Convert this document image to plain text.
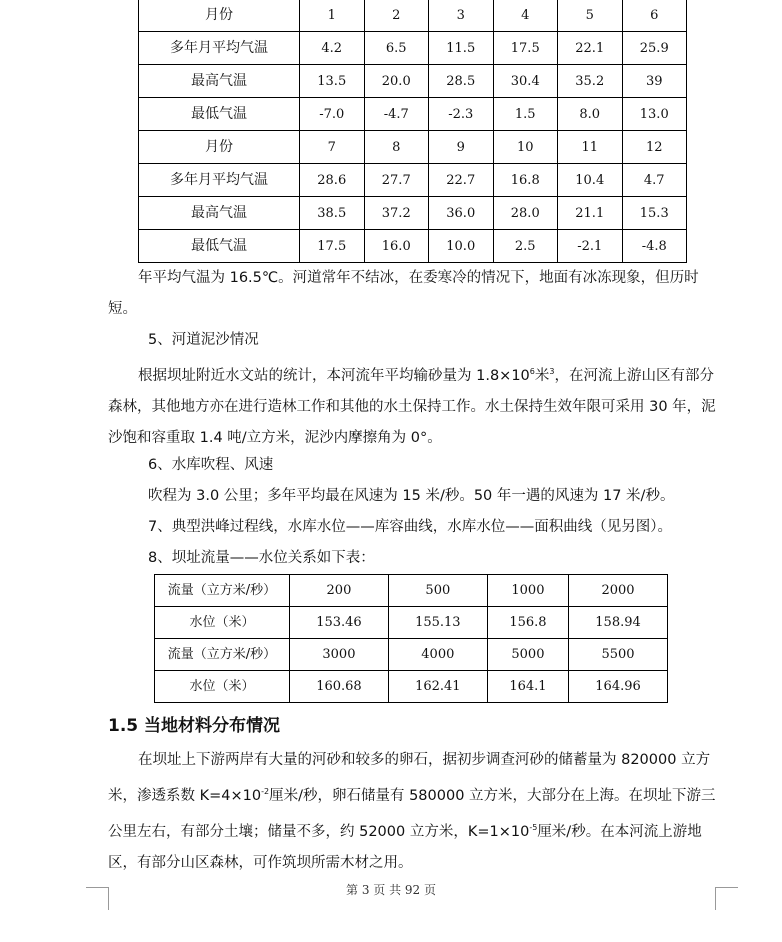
月份	1	2	3	4	5	6
多年月平均气温	4.2	6.5	11.5	17.5	22.1	25.9
最高气温	13.5	20.0	28.5	30.4	35.2	39
最低气温	-7.0	-4.7	-2.3	1.5	8.0	13.0
月份	7	8	9	10	11	12
多年月平均气温	28.6	27.7	22.7	16.8	10.4	4.7
最高气温	38.5	37.2	36.0	28.0	21.1	15.3
最低气温	17.5	16.0	10.0	2.5	-2.1	-4.8

年平均气温为 16.5℃。河道常年不结冰，在委寒冷的情况下，地面有冰冻现象，但历时短。

5、河道泥沙情况

根据坝址附近水文站的统计，本河流年平均输砂量为 $1.8\times 10^6$米$^3$，在河流上游山区有部分森林，其他地方亦在进行造林工作和其他的水土保持工作。水土保持生效年限可采用 30 年，泥沙饱和容重取 1.4 吨/立方米，泥沙内摩擦角为 0°。

6、水库吹程、风速

吹程为 3.0 公里；多年平均最在风速为 15 米/秒。50 年一遇的风速为 17 米/秒。

7、典型洪峰过程线，水库水位——库容曲线，水库水位——面积曲线（见另图）。

8、坝址流量——水位关系如下表：

流量（立方米/秒）	200	500	1000	2000
水位（米）	153.46	155.13	156.8	158.94
流量（立方米/秒）	3000	4000	5000	5500
水位（米）	160.68	162.41	164.1	164.96
1.5 当地材料分布情况

在坝址上下游两岸有大量的河砂和较多的卵石，据初步调查河砂的储蓄量为 820000 立方米，渗透系数 $K=4\times 10^{-2}$厘米/秒，卵石储量有 580000 立方米，大部分在上海。在坝址下游三公里左右，有部分土壤；储量不多，约 52000 立方米，$K=1\times 10^{-5}$厘米/秒。在本河流上游地区，有部分山区森林，可作筑坝所需木材之用。

第 3 页 共 92 页
